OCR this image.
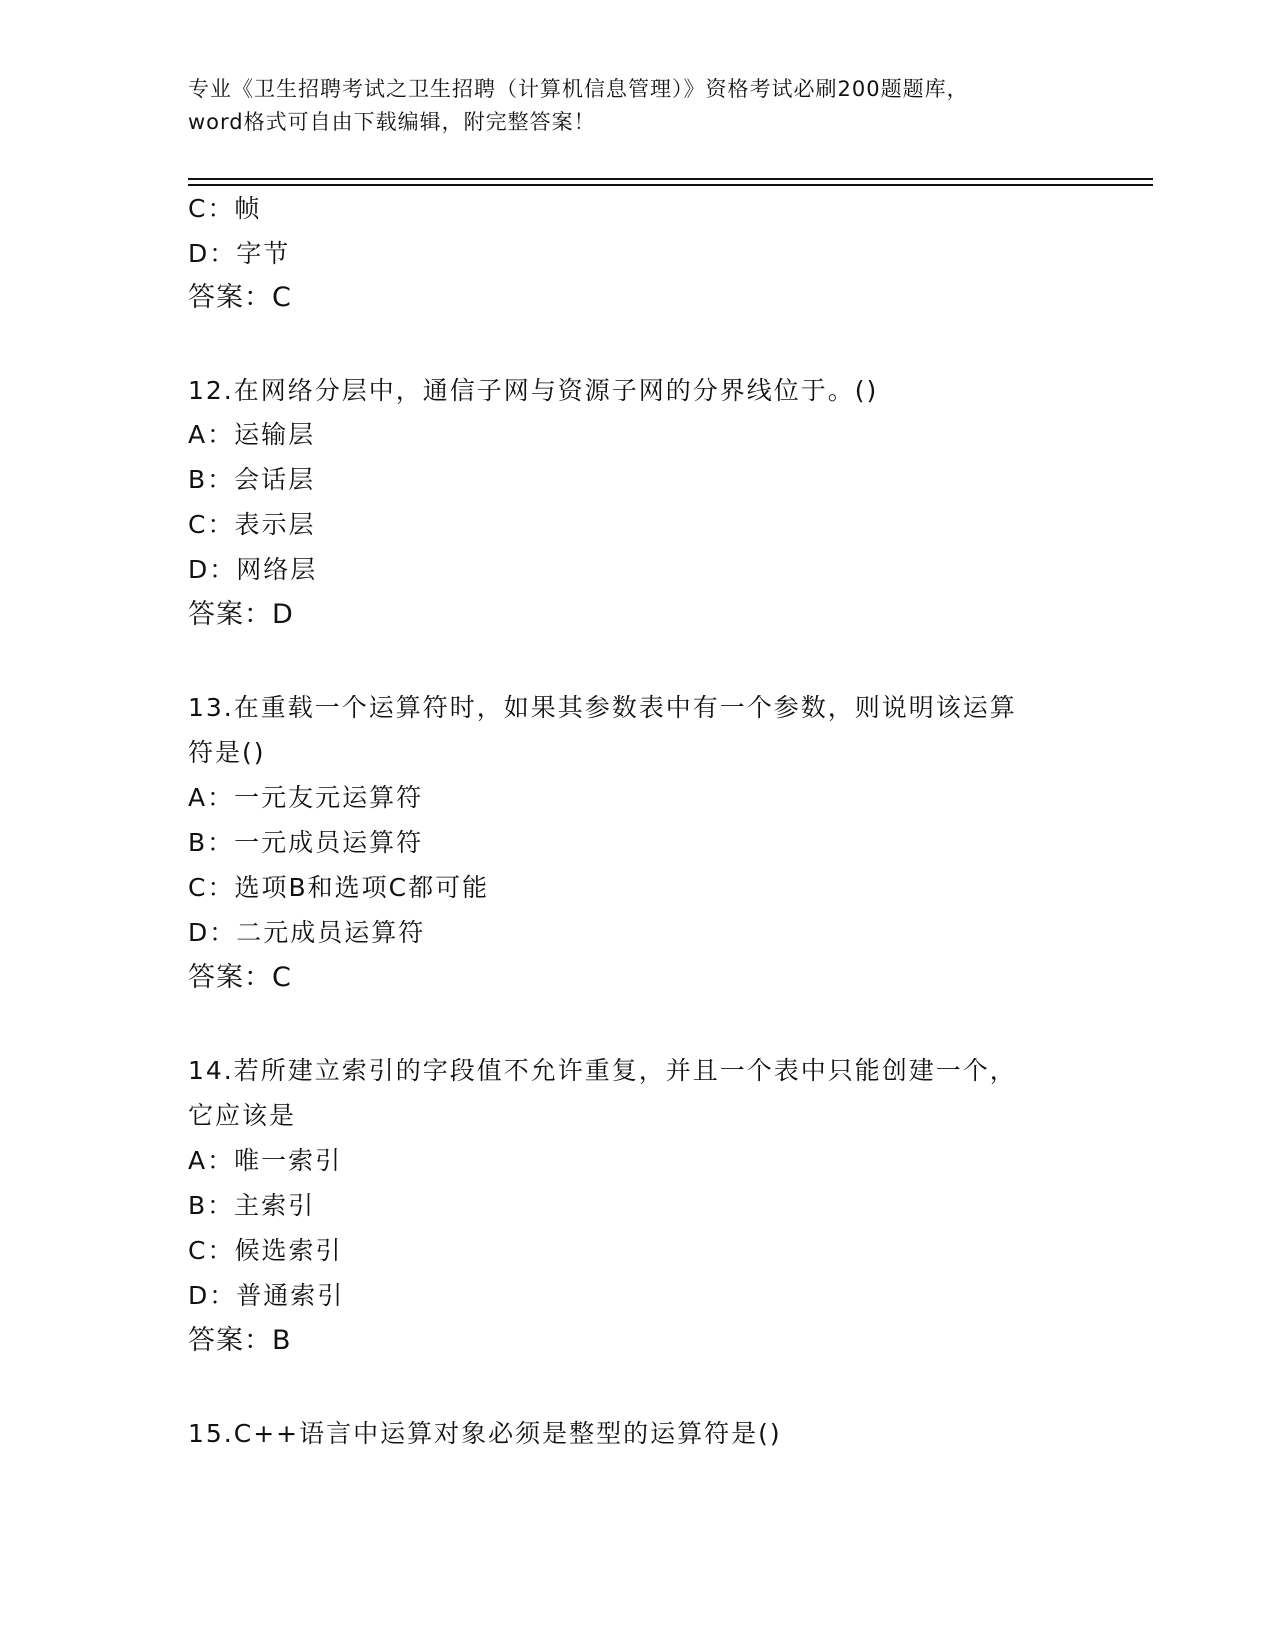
专业《卫生招聘考试之卫生招聘（计算机信息管理）》资格考试必刷200题题库，
word格式可自由下载编辑，附完整答案！
C：帧
D：字节
答案：C
12.在网络分层中，通信子网与资源子网的分界线位于。()
A：运输层
B：会话层
C：表示层
D：网络层
答案：D
13.在重载一个运算符时，如果其参数表中有一个参数，则说明该运算
符是()
A：一元友元运算符
B：一元成员运算符
C：选项B和选项C都可能
D：二元成员运算符
答案：C
14.若所建立索引的字段值不允许重复，并且一个表中只能创建一个，
它应该是
A：唯一索引
B：主索引
C：候选索引
D：普通索引
答案：B
15.C++语言中运算对象必须是整型的运算符是()
